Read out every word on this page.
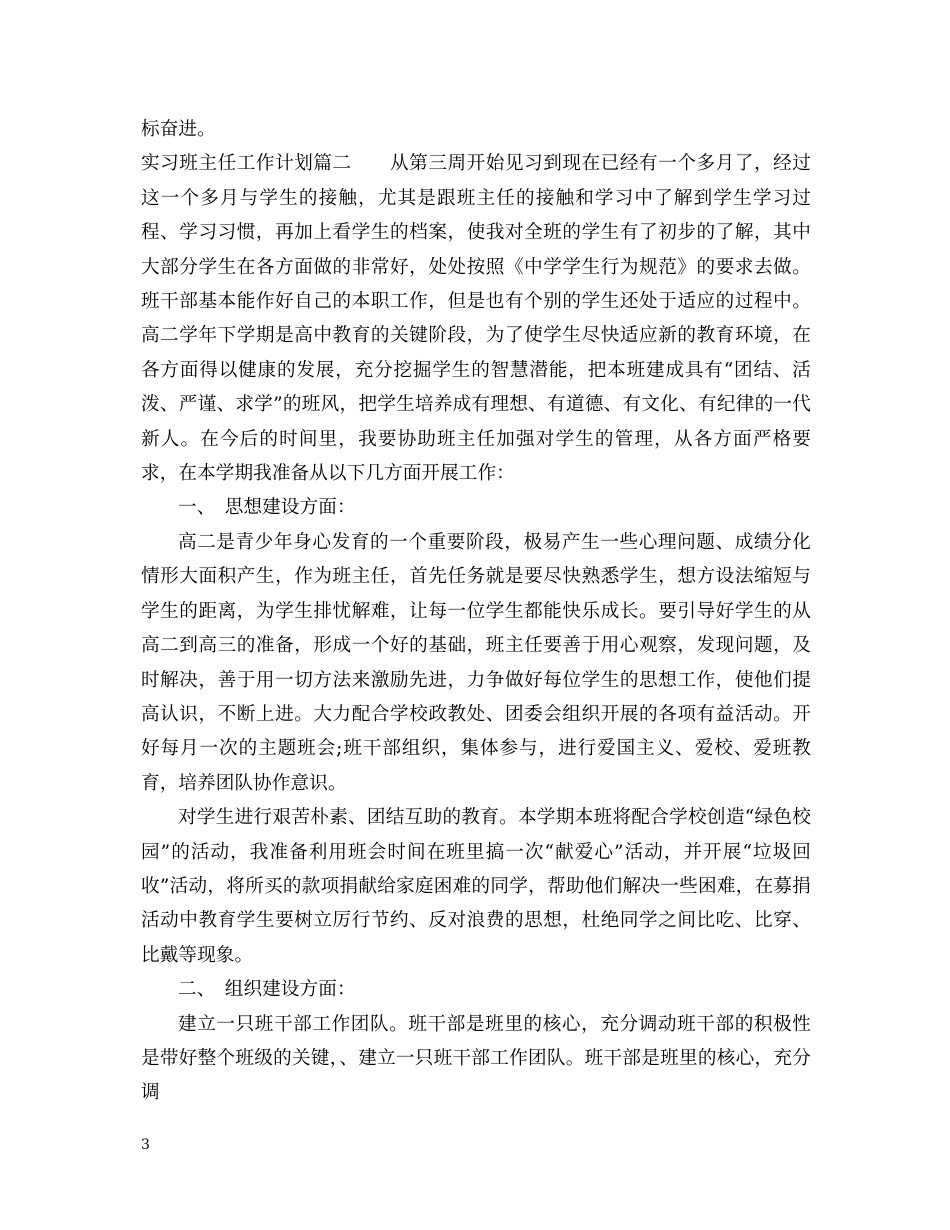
标奋进。

实习班主任工作计划篇二　　从第三周开始见习到现在已经有一个多月了，经过这一个多月与学生的接触，尤其是跟班主任的接触和学习中了解到学生学习过程、学习习惯，再加上看学生的档案，使我对全班的学生有了初步的了解，其中大部分学生在各方面做的非常好，处处按照《中学学生行为规范》的要求去做。班干部基本能作好自己的本职工作，但是也有个别的学生还处于适应的过程中。高二学年下学期是高中教育的关键阶段，为了使学生尽快适应新的教育环境，在各方面得以健康的发展，充分挖掘学生的智慧潜能，把本班建成具有“团结、活泼、严谨、求学”的班风，把学生培养成有理想、有道德、有文化、有纪律的一代新人。在今后的时间里，我要协助班主任加强对学生的管理，从各方面严格要求，在本学期我准备从以下几方面开展工作：

一、　思想建设方面：

高二是青少年身心发育的一个重要阶段，极易产生一些心理问题、成绩分化情形大面积产生，作为班主任，首先任务就是要尽快熟悉学生，想方设法缩短与学生的距离，为学生排忧解难，让每一位学生都能快乐成长。要引导好学生的从高二到高三的准备，形成一个好的基础，班主任要善于用心观察，发现问题，及时解决，善于用一切方法来激励先进，力争做好每位学生的思想工作，使他们提高认识，不断上进。大力配合学校政教处、团委会组织开展的各项有益活动。开好每月一次的主题班会;班干部组织，集体参与，进行爱国主义、爱校、爱班教育，培养团队协作意识。

对学生进行艰苦朴素、团结互助的教育。本学期本班将配合学校创造“绿色校园”的活动，我准备利用班会时间在班里搞一次“献爱心”活动，并开展“垃圾回收”活动，将所买的款项捐献给家庭困难的同学，帮助他们解决一些困难，在募捐活动中教育学生要树立厉行节约、反对浪费的思想，杜绝同学之间比吃、比穿、比戴等现象。

二、　组织建设方面：

建立一只班干部工作团队。班干部是班里的核心，充分调动班干部的积极性是带好整个班级的关键，、建立一只班干部工作团队。班干部是班里的核心，充分调

3
